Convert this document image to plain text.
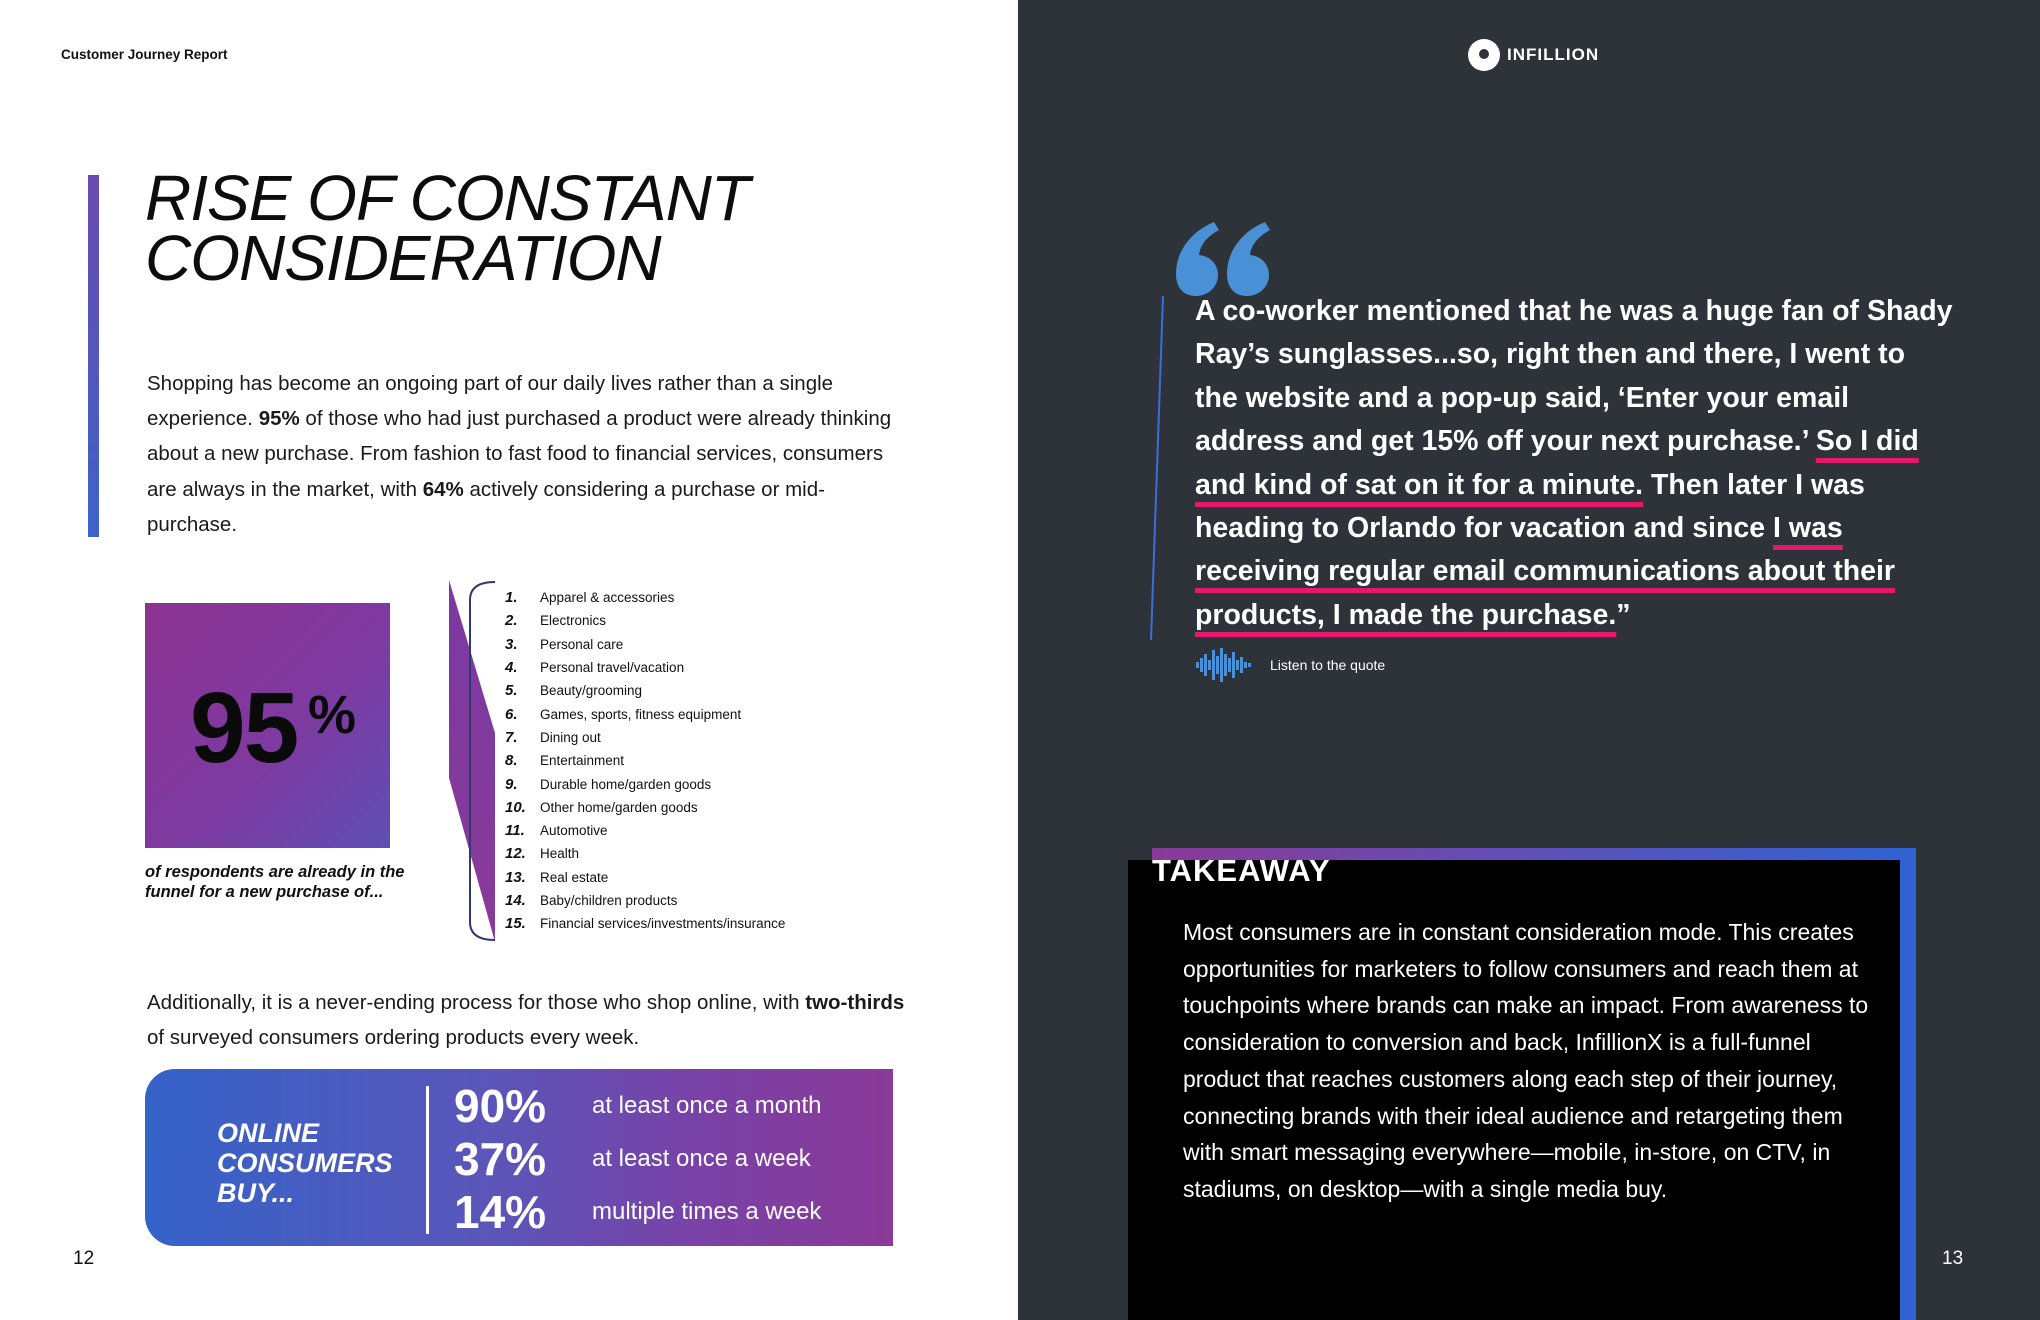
Customer Journey Report
RISE OF CONSTANT
CONSIDERATION

Shopping has become an ongoing part of our daily lives rather than a single experience. 95% of those who had just purchased a product were already thinking about a new purchase. From fashion to fast food to financial services, consumers are always in the market, with 64% actively considering a purchase or mid-purchase.

95 %

of respondents are already in the funnel for a new purchase of...

1.	Apparel & accessories
2.	Electronics
3.	Personal care
4.	Personal travel/vacation
5.	Beauty/grooming
6.	Games, sports, fitness equipment
7.	Dining out
8.	Entertainment
9.	Durable home/garden goods
10.	Other home/garden goods
11.	Automotive
12.	Health
13.	Real estate
14.	Baby/children products
15.	Financial services/investments/insurance

Additionally, it is a never-ending process for those who shop online, with two-thirds of surveyed consumers ordering products every week.

ONLINE
CONSUMERS
BUY...
90%	at least once a month
37%	at least once a week
14%	multiple times a week
12
INFILLION

A co-worker mentioned that he was a huge fan of Shady Ray’s sunglasses...so, right then and there, I went to the website and a pop-up said, ‘Enter your email address and get 15% off your next purchase.’ So I did and kind of sat on it for a minute. Then later I was heading to Orlando for vacation and since I was receiving regular email communications about their products, I made the purchase.”

Listen to the quote
TAKEAWAY

Most consumers are in constant consideration mode. This creates opportunities for marketers to follow consumers and reach them at touchpoints where brands can make an impact. From awareness to consideration to conversion and back, InfillionX is a full-funnel product that reaches customers along each step of their journey, connecting brands with their ideal audience and retargeting them with smart messaging everywhere—mobile, in-store, on CTV, in stadiums, on desktop—with a single media buy.

13
